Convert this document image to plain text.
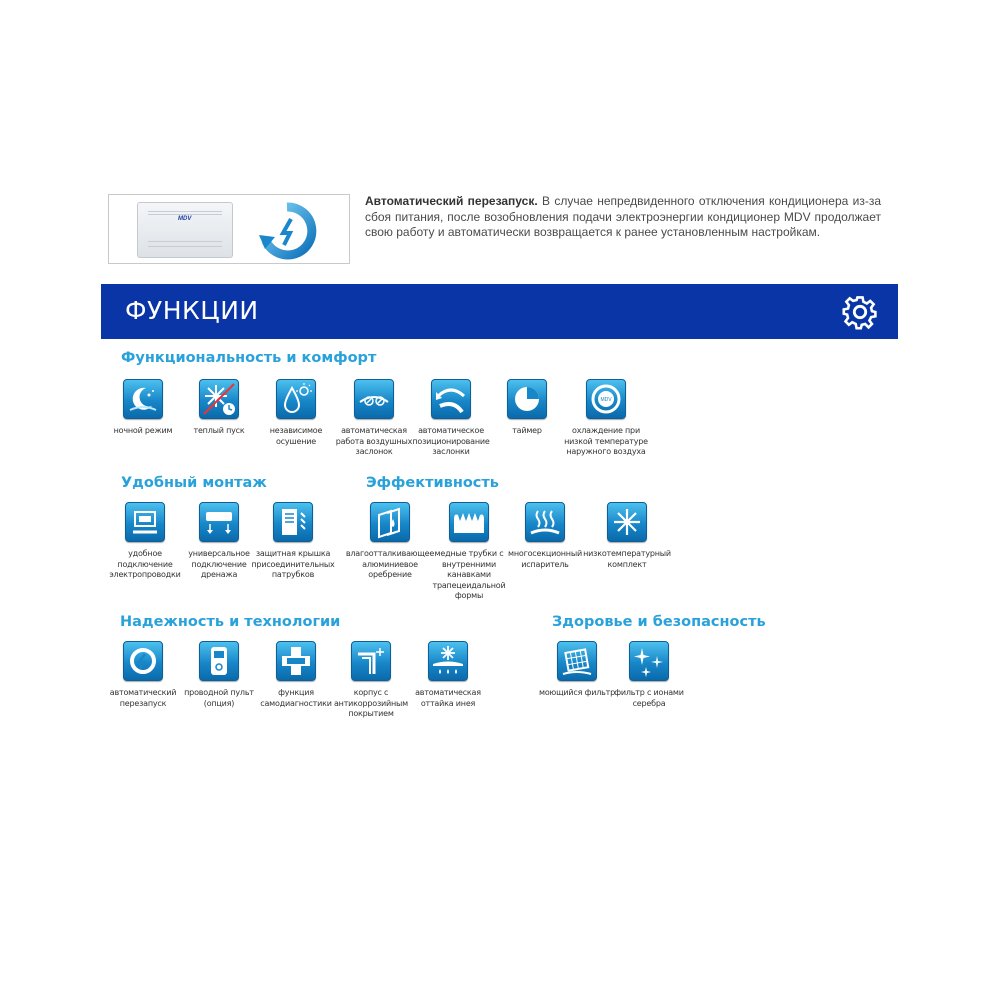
MDV
Автоматический перезапуск. В случае непредвиденного отключения кондиционера из-за сбоя питания, после возобновления подачи электроэнергии кондиционер MDV продолжает свою работу и автоматически возвращается к ранее установленным настройкам.
ФУНКЦИИ
Функциональность и комфорт
ночной режим	теплый пуск	независимое осушение
автоматическая работа воздушных заслонок
автоматическое позиционирование заслонки
таймер
MDV
охлаждение при низкой температуре наружного воздуха
Удобный монтаж
удобное подключение электропроводки
универсальное подключение дренажа
защитная крышка присоединительных патрубков
Эффективность
влагоотталкивающее алюминиевое оребрение
медные трубки с внутренними канавками трапецеидальной формы
многосекционный испаритель
низкотемпературный комплект
Надежность и технологии
автоматический перезапуск
проводной пульт (опция)
функция самодиагностики
корпус с антикоррозийным покрытием
автоматическая оттайка инея
Здоровье и безопасность
моющийся фильтр фильтр с ионами серебра
